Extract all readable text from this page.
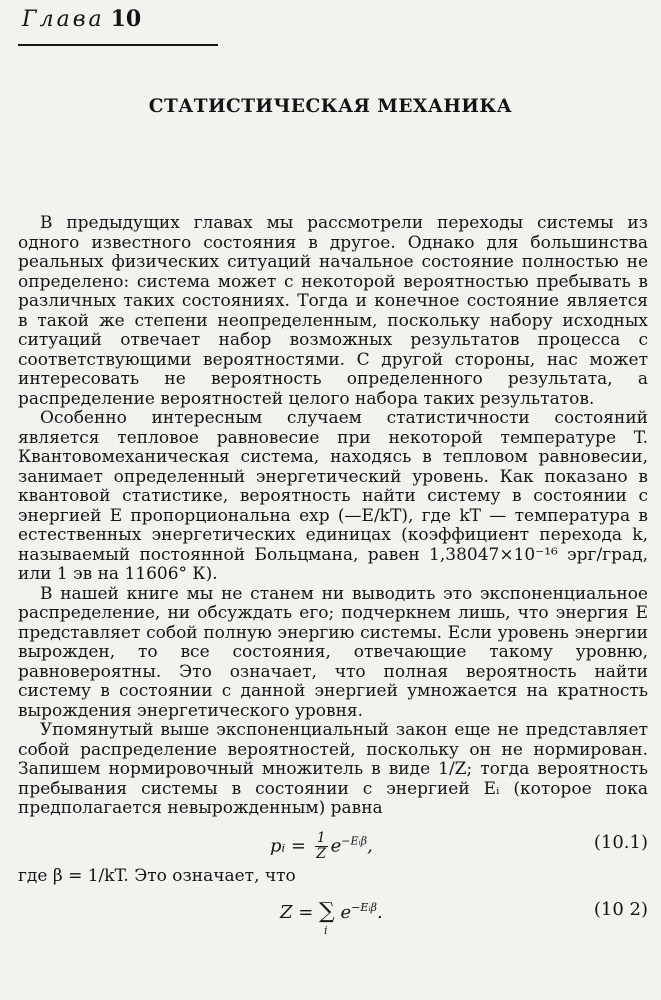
Глава 10
СТАТИСТИЧЕСКАЯ МЕХАНИКА

В предыдущих главах мы рассмотрели переходы системы из одного известного состояния в другое. Однако для большинства реальных физических ситуаций начальное состояние полностью не определено: система может с некоторой вероятностью пребывать в различных таких состояниях. Тогда и конечное состояние является в такой же степени неопределенным, поскольку набору исходных ситуаций отвечает набор возможных результатов процесса с соответствующими вероятностями. С другой стороны, нас может интересовать не вероятность определенного результата, а распределение вероятностей целого набора таких результатов.

Особенно интересным случаем статистичности состояний является тепловое равновесие при некоторой температуре T. Квантовомеханическая система, находясь в тепловом равновесии, занимает определенный энергетический уровень. Как показано в квантовой статистике, вероятность найти систему в состоянии с энергией E пропорциональна exp (—E/kT), где kT — температура в естественных энергетических единицах (коэффициент перехода k, называемый постоянной Больцмана, равен 1,38047×10⁻¹⁶ эрг/град, или 1 эв на 11606° К).

В нашей книге мы не станем ни выводить это экспоненциальное распределение, ни обсуждать его; подчеркнем лишь, что энергия E представляет собой полную энергию системы. Если уровень энергии вырожден, то все состояния, отвечающие такому уровню, равновероятны. Это означает, что полная вероятность найти систему в состоянии с данной энергией умножается на кратность вырождения энергетического уровня.

Упомянутый выше экспоненциальный закон еще не представляет собой распределение вероятностей, поскольку он не нормирован. Запишем нормировочный множитель в виде 1/Z; тогда вероятность пребывания системы в состоянии с энергией Eᵢ (которое пока предполагается невырожденным) равна

pᵢ = $\frac{1}{Z} e^{-Eᵢ\beta}$,	(10.1)

где β = 1/kT. Это означает, что

Z = ∑
i
$e^{-Eᵢ\beta}$.	(10 2)
